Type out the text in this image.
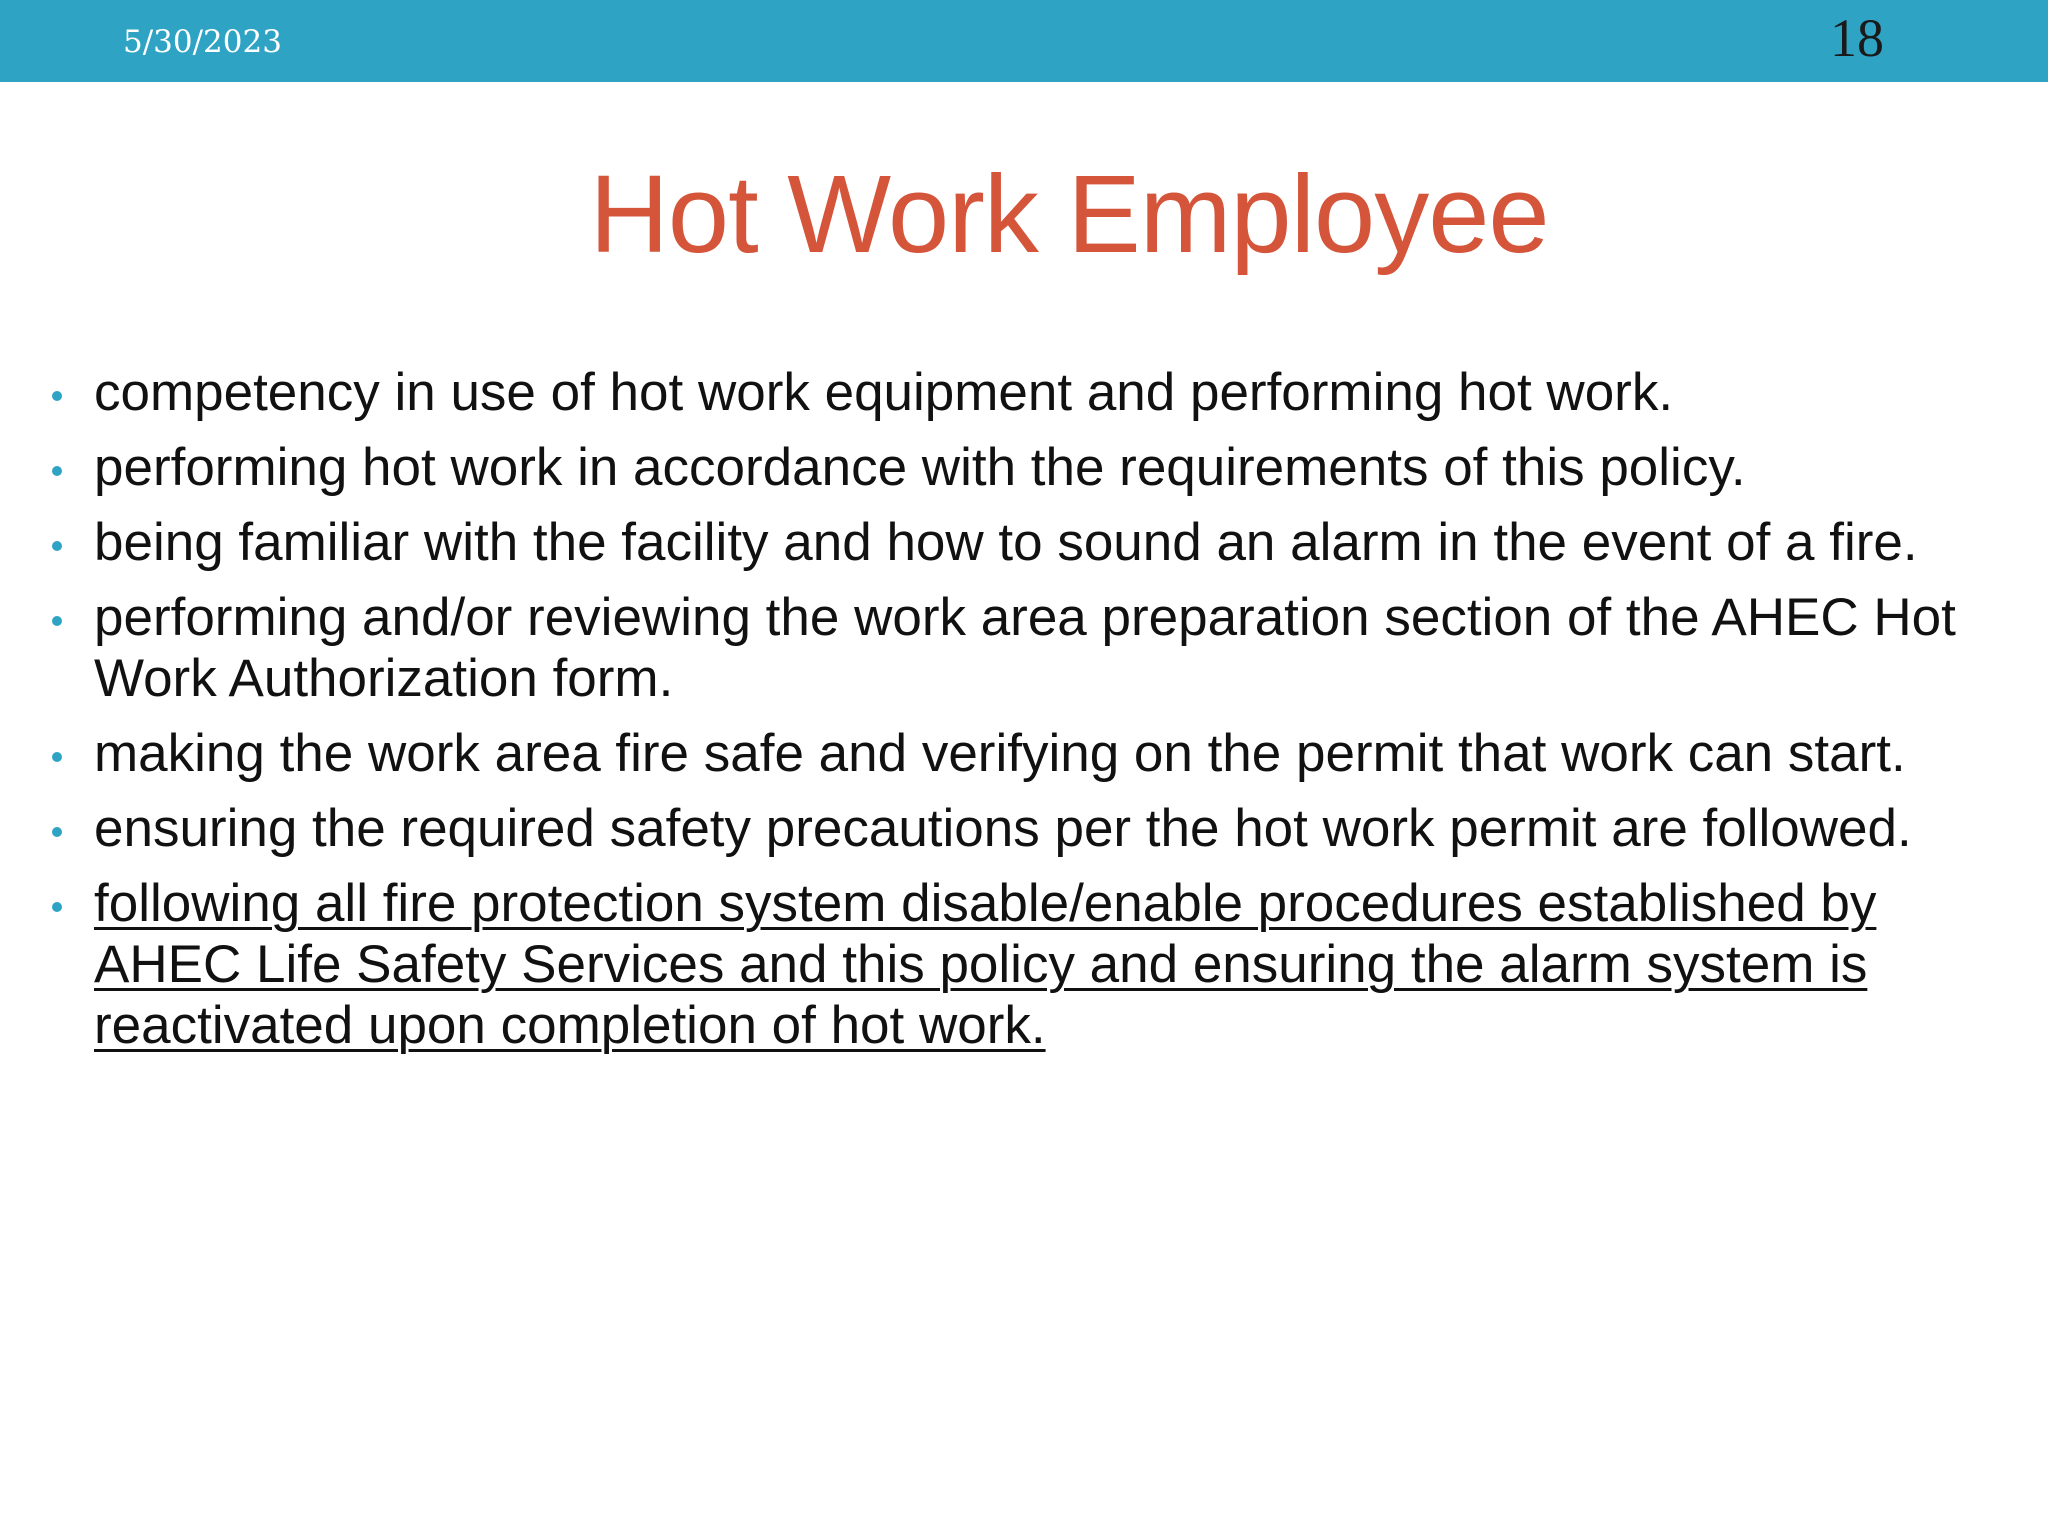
5/30/2023	18
Hot Work Employee
competency in use of hot work equipment and performing hot work.
performing hot work in accordance with the requirements of this policy.
being familiar with the facility and how to sound an alarm in the event of a fire.
performing and/or reviewing the work area preparation section of the AHEC Hot Work Authorization form.
making the work area fire safe and verifying on the permit that work can start.
ensuring the required safety precautions per the hot work permit are followed.
following all fire protection system disable/enable procedures established by AHEC Life Safety Services and this policy and ensuring the alarm system is reactivated upon completion of hot work.
